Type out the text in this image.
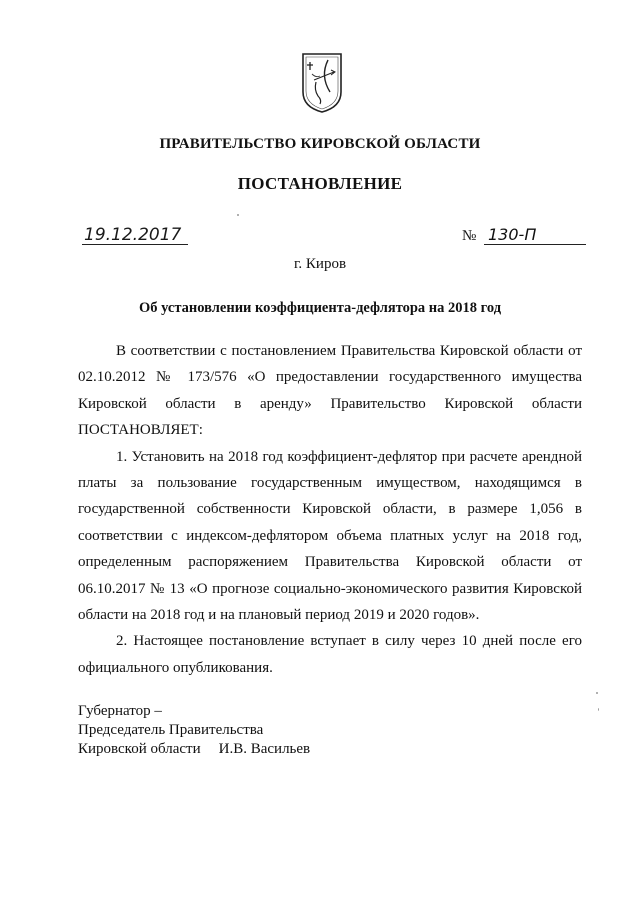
ПРАВИТЕЛЬСТВО КИРОВСКОЙ ОБЛАСТИ
ПОСТАНОВЛЕНИЕ
19.12.2017	№ 130-П
г. Киров
Об установлении коэффициента-дефлятора на 2018 год

В соответствии с постановлением Правительства Кировской области от 02.10.2012 № 173/576 «О предоставлении государственного имущества Кировской области в аренду» Правительство Кировской области ПОСТАНОВЛЯЕТ:

1. Установить на 2018 год коэффициент-дефлятор при расчете арендной платы за пользование государственным имуществом, находящимся в государственной собственности Кировской области, в размере 1,056 в соответствии с индексом-дефлятором объема платных услуг на 2018 год, определенным распоряжением Правительства Кировской области от 06.10.2017 № 13 «О прогнозе социально-экономического развития Кировской области на 2018 год и на плановый период 2019 и 2020 годов».

2. Настоящее постановление вступает в силу через 10 дней после его официального опубликования.

Губернатор –
Председатель Правительства
Кировской области И.В. Васильев
